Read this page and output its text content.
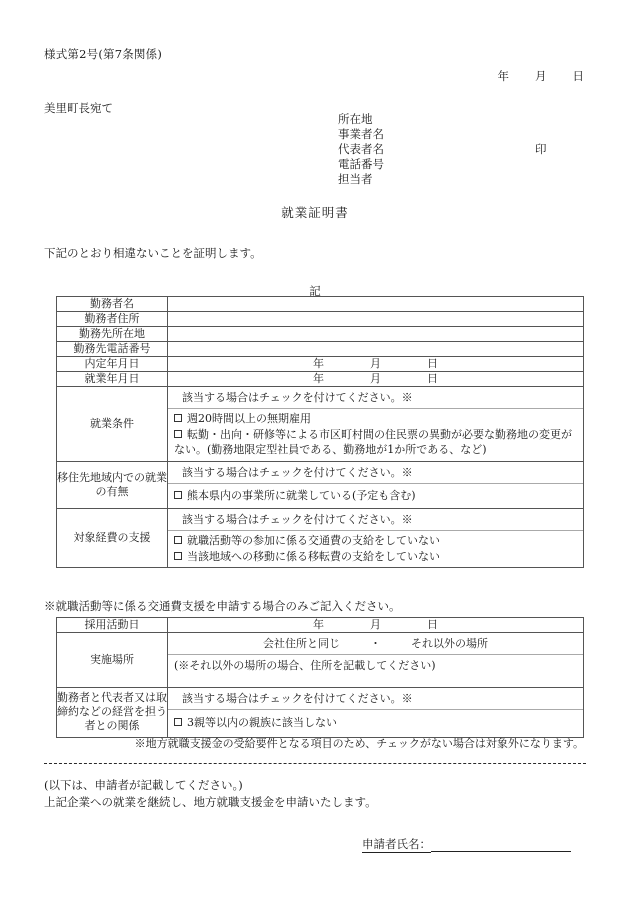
様式第2号(第7条関係)
年 月 日
美里町長宛て
所在地
事業者名
代表者名	印
電話番号
担当者
就業証明書
下記のとおり相違ないことを証明します。
記
勤務者名	
勤務者住所	
勤務先所在地	
勤務先電話番号	
内定年月日	年 月 日
就業年月日	年 月 日
就業条件	該当する場合はチェックを付けてください。※
週20時間以上の無期雇用
転勤・出向・研修等による市区町村間の住民票の異動が必要な勤務地の変更がない。(勤務地限定型社員である、勤務地が1か所である、など)

移住先地域内での就業の有無	該当する場合はチェックを付けてください。※
熊本県内の事業所に就業している(予定も含む)

対象経費の支援	該当する場合はチェックを付けてください。※
就職活動等の参加に係る交通費の支給をしていない
当該地域への移動に係る移転費の支給をしていない
※就職活動等に係る交通費支援を申請する場合のみご記入ください。
採用活動日	年 月 日
実施場所	会社住所と同じ ・ それ以外の場所
(※それ以外の場所の場合、住所を記載してください)

勤務者と代表者又は取締約などの経営を担う者との関係	該当する場合はチェックを付けてください。※
3親等以内の親族に該当しない
※地方就職支援金の受給要件となる項目のため、チェックがない場合は対象外になります。
(以下は、申請者が記載してください。)
上記企業への就業を継続し、地方就職支援金を申請いたします。
申請者氏名：
